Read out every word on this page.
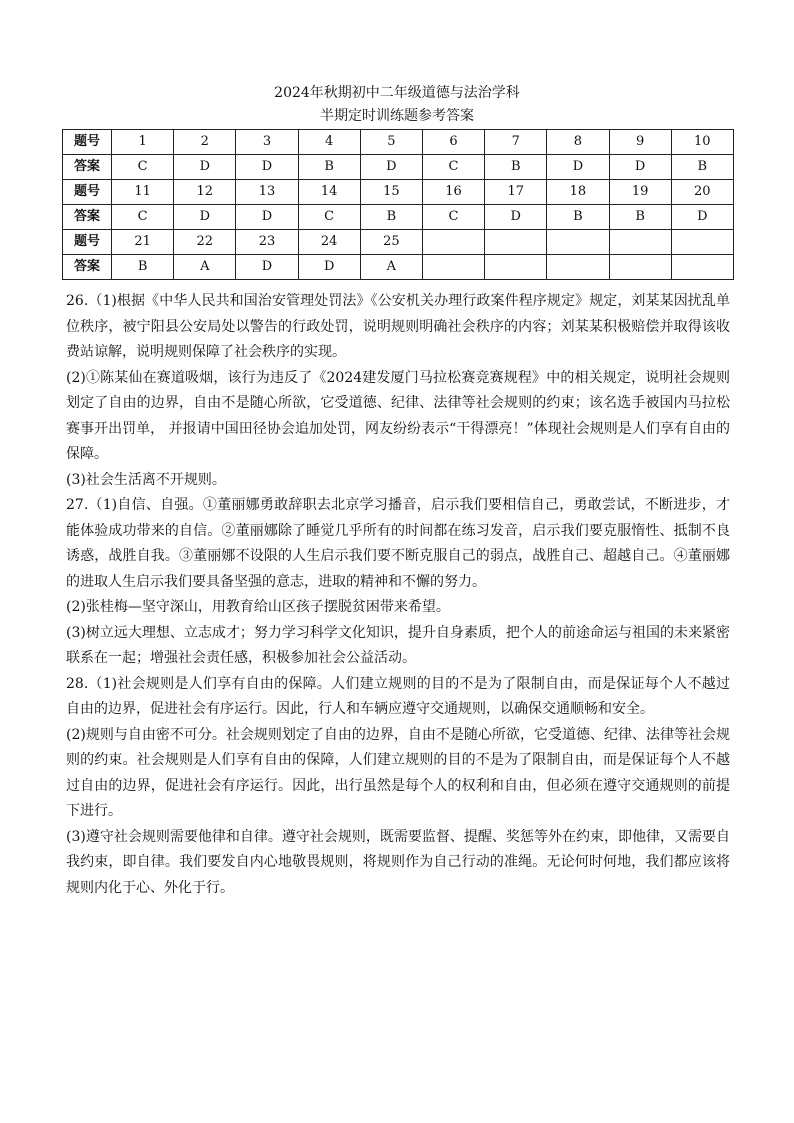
2024年秋期初中二年级道德与法治学科
半期定时训练题参考答案
题号	1	2	3	4	5	6	7	8	9	10
答案	C	D	D	B	D	C	B	D	D	B
题号	11	12	13	14	15	16	17	18	19	20
答案	C	D	D	C	B	C	D	B	B	D
题号	21	22	23	24	25					
答案	B	A	D	D	A					

26.（1)根据《中华人民共和国治安管理处罚法》《公安机关办理行政案件程序规定》规定，刘某某因扰乱单位秩序，被宁阳县公安局处以警告的行政处罚，说明规则明确社会秩序的内容；刘某某积极赔偿并取得该收费站谅解，说明规则保障了社会秩序的实现。

(2)①陈某仙在赛道吸烟，该行为违反了《2024建发厦门马拉松赛竞赛规程》中的相关规定，说明社会规则划定了自由的边界，自由不是随心所欲，它受道德、纪律、法律等社会规则的约束；该名选手被国内马拉松赛事开出罚单， 并报请中国田径协会追加处罚，网友纷纷表示“干得漂亮！”体现社会规则是人们享有自由的保障。

(3)社会生活离不开规则。

27.（1)自信、自强。①董丽娜勇敢辞职去北京学习播音，启示我们要相信自己，勇敢尝试，不断进步，才能体验成功带来的自信。②董丽娜除了睡觉几乎所有的时间都在练习发音，启示我们要克服惰性、抵制不良诱惑，战胜自我。③董丽娜不设限的人生启示我们要不断克服自己的弱点，战胜自己、超越自己。④董丽娜的进取人生启示我们要具备坚强的意志，进取的精神和不懈的努力。

(2)张桂梅—坚守深山，用教育给山区孩子摆脱贫困带来希望。

(3)树立远大理想、立志成才；努力学习科学文化知识，提升自身素质，把个人的前途命运与祖国的未来紧密联系在一起；增强社会责任感，积极参加社会公益活动。

28.（1)社会规则是人们享有自由的保障。人们建立规则的目的不是为了限制自由，而是保证每个人不越过自由的边界，促进社会有序运行。因此，行人和车辆应遵守交通规则，以确保交通顺畅和安全。

(2)规则与自由密不可分。社会规则划定了自由的边界，自由不是随心所欲，它受道德、纪律、法律等社会规则的约束。社会规则是人们享有自由的保障，人们建立规则的目的不是为了限制自由，而是保证每个人不越过自由的边界，促进社会有序运行。因此，出行虽然是每个人的权利和自由，但必须在遵守交通规则的前提下进行。

(3)遵守社会规则需要他律和自律。遵守社会规则，既需要监督、提醒、奖惩等外在约束，即他律，又需要自我约束，即自律。我们要发自内心地敬畏规则，将规则作为自己行动的准绳。无论何时何地，我们都应该将规则内化于心、外化于行。
